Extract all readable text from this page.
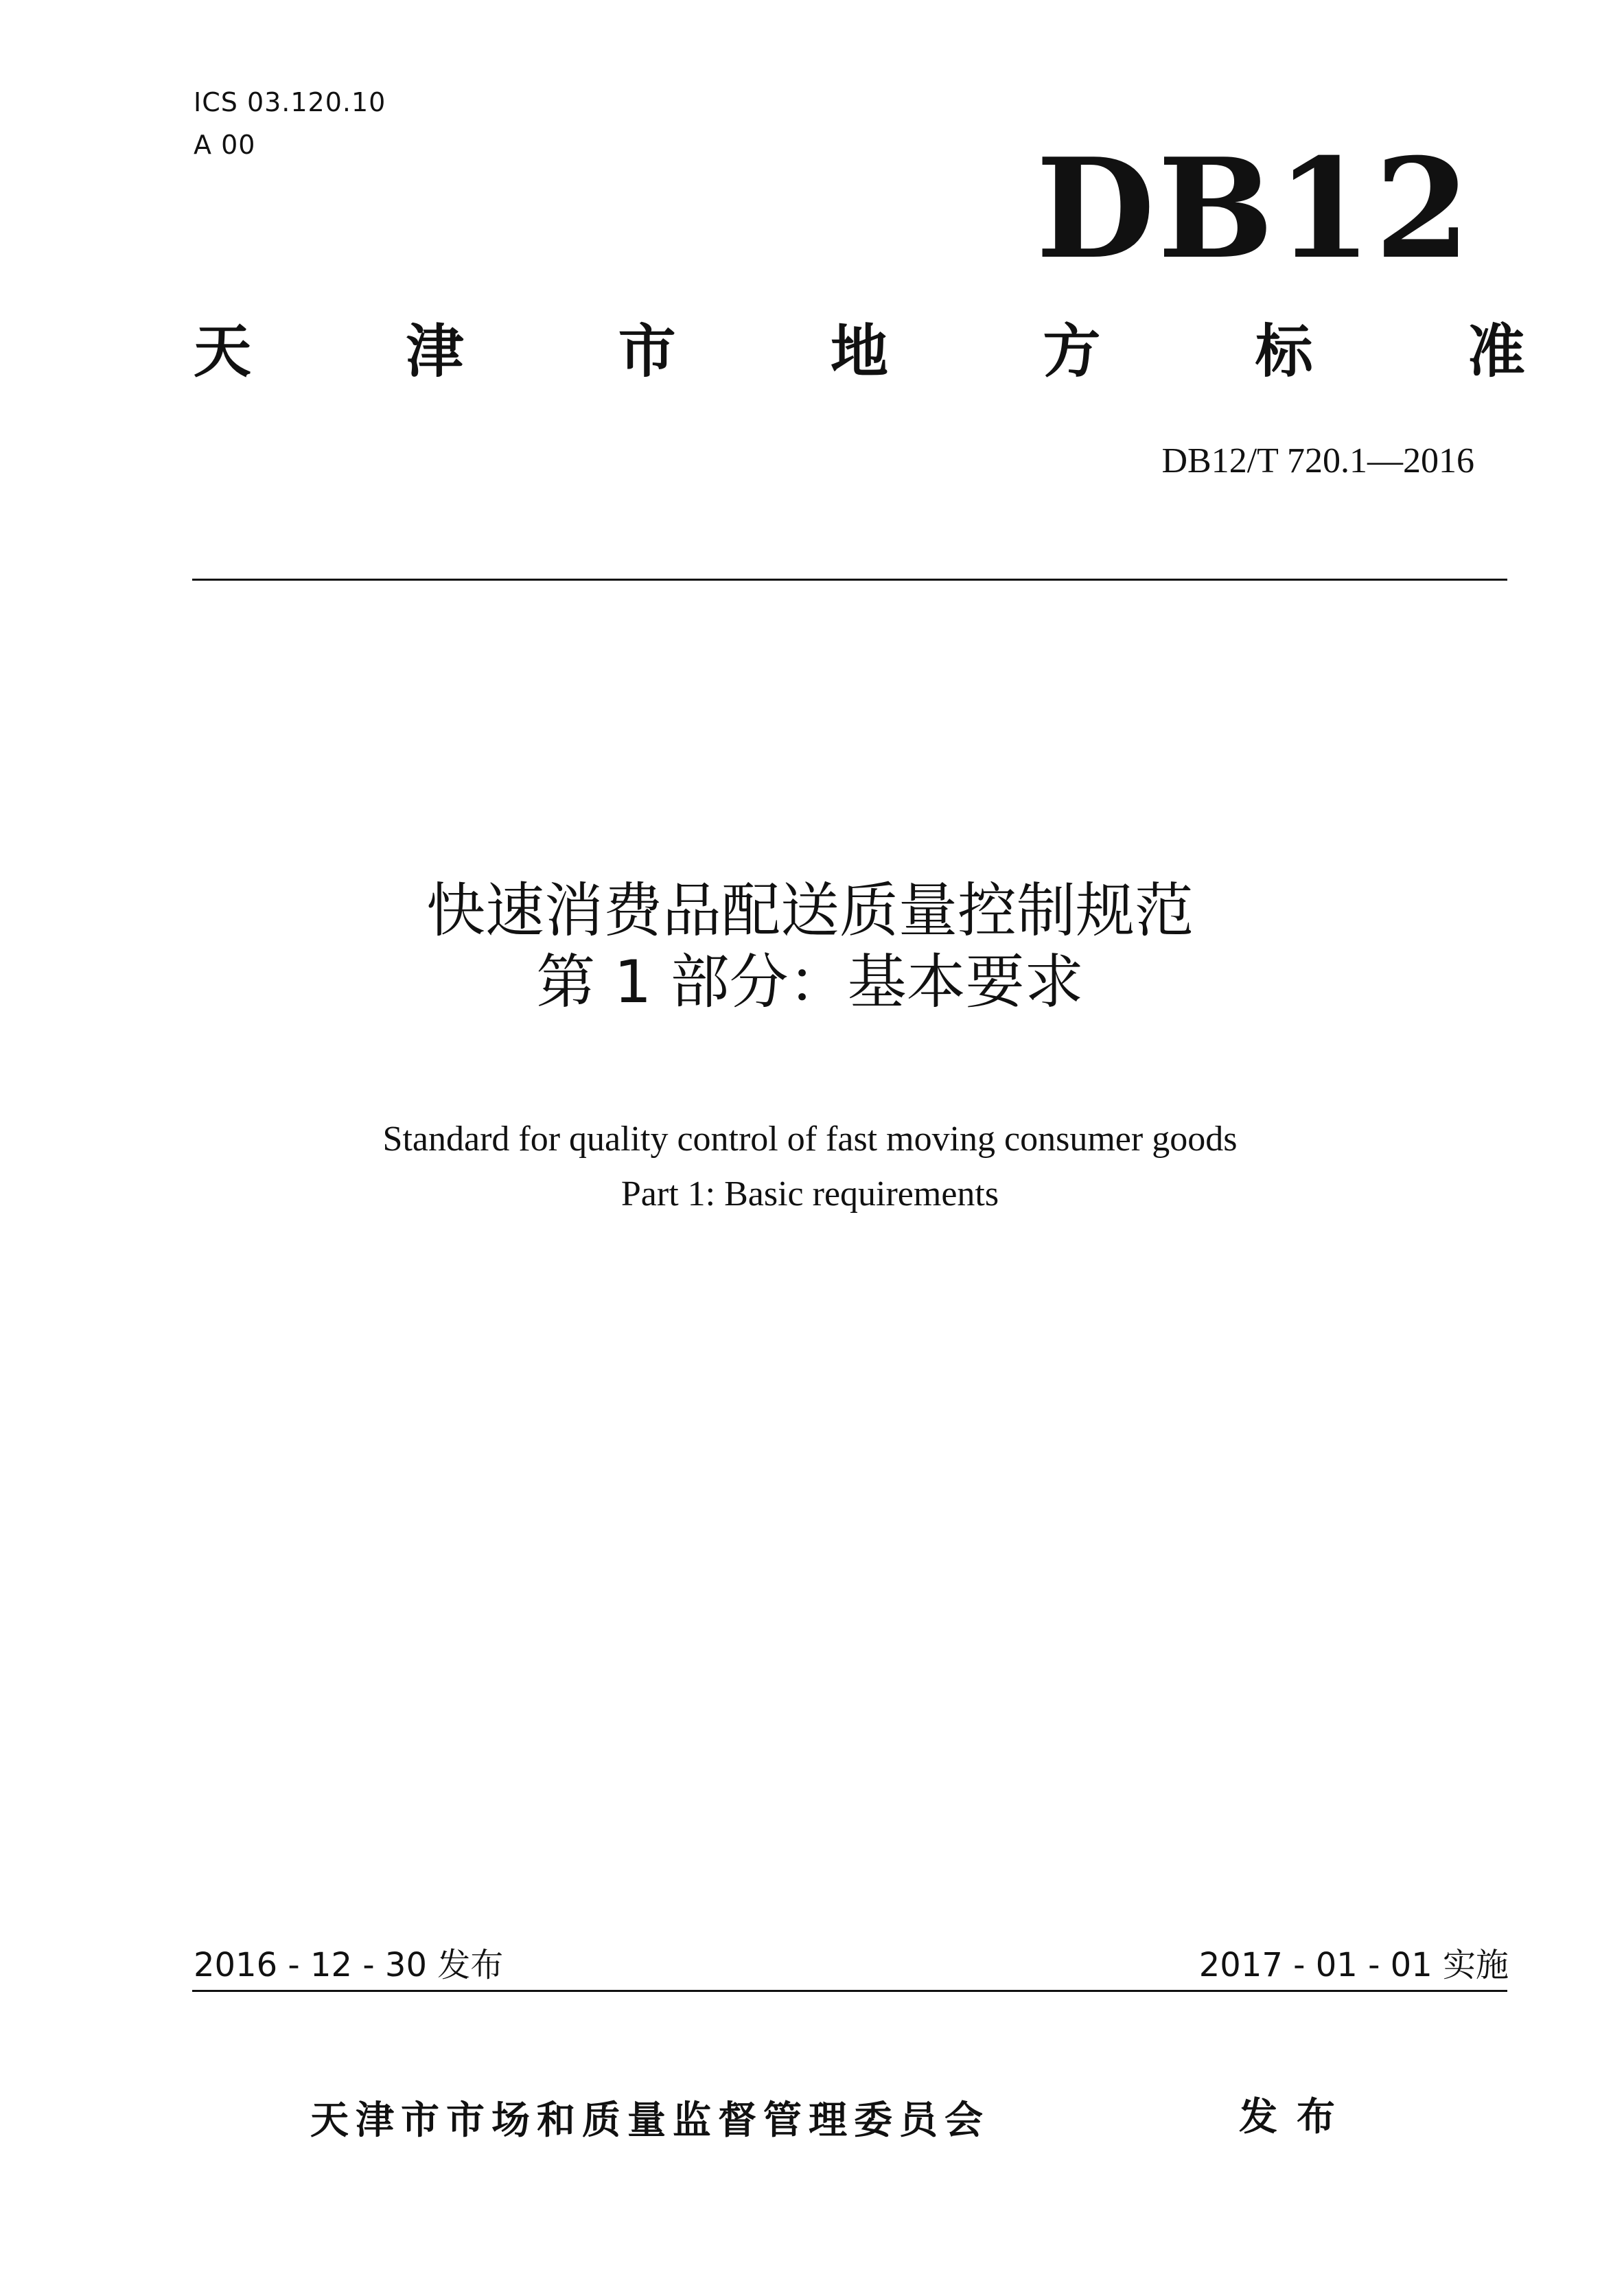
ICS 03.120.10
A 00	DB12
天	津	市	地	方	标	准
DB12/T 720.1—2016
快速消费品配送质量控制规范
第 1 部分：基本要求
Standard for quality control of fast moving consumer goods
Part 1: Basic requirements
2016 - 12 - 30 发布	2017 - 01 - 01 实施
天津市市场和质量监督管理委员会	发布
